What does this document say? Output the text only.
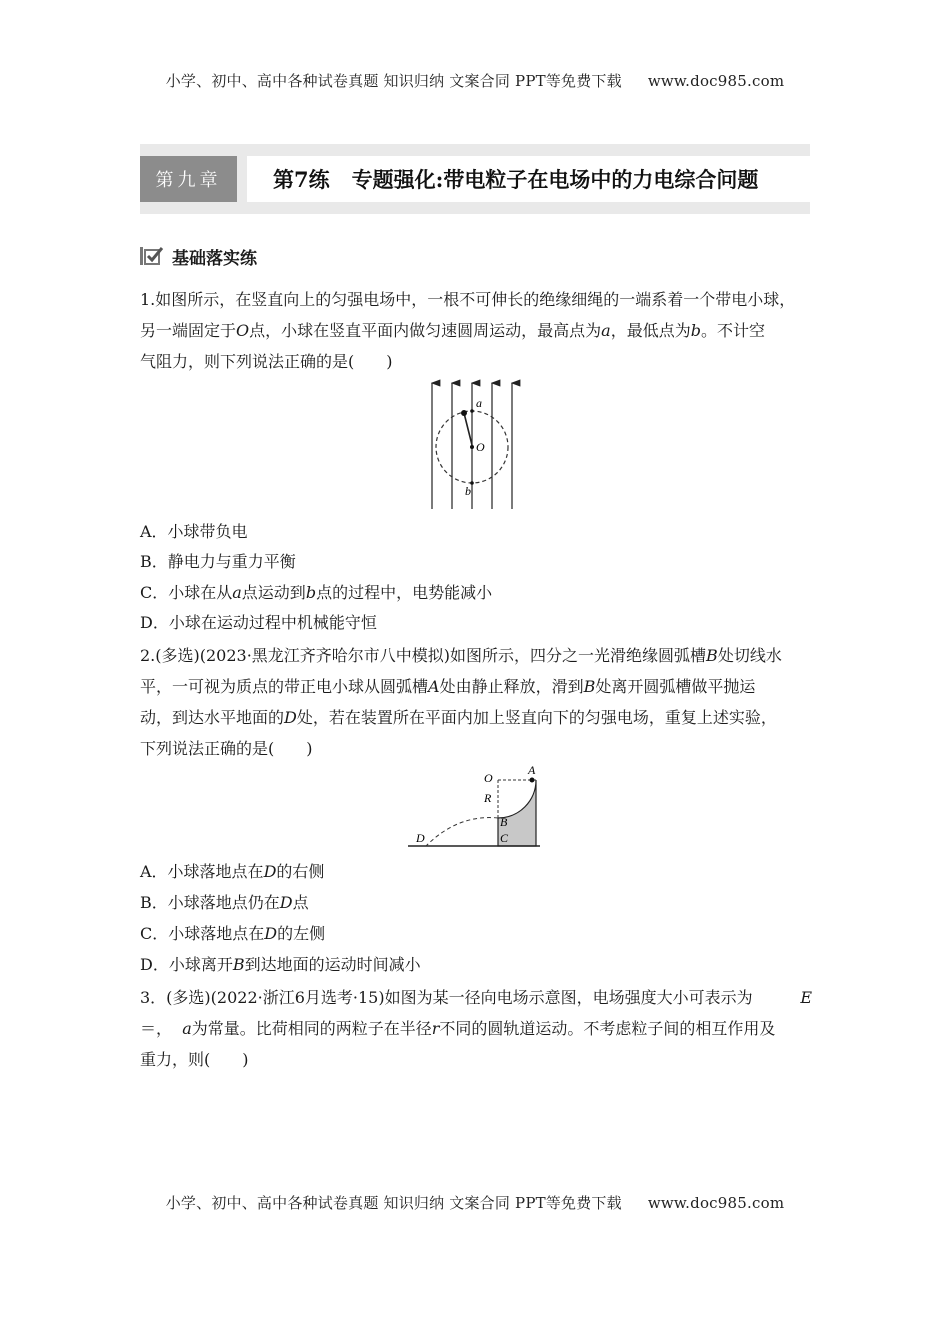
小学、初中、高中各种试卷真题 知识归纳 文案合同 PPT等免费下载 www.doc985.com
第九章	第7练 专题强化:带电粒子在电场中的力电综合问题
基础落实练
1.如图所示，在竖直向上的匀强电场中，一根不可伸长的绝缘细绳的一端系着一个带电小球，
另一端固定于O点，小球在竖直平面内做匀速圆周运动，最高点为a，最低点为b。不计空
气阻力，则下列说法正确的是(　　)
a
O
b
A．小球带负电
B．静电力与重力平衡
C．小球在从a点运动到b点的过程中，电势能减小
D．小球在运动过程中机械能守恒
2.(多选)(2023·黑龙江齐齐哈尔市八中模拟)如图所示，四分之一光滑绝缘圆弧槽B处切线水
平，一可视为质点的带正电小球从圆弧槽A处由静止释放，滑到B处离开圆弧槽做平抛运
动，到达水平地面的D处，若在装置所在平面内加上竖直向下的匀强电场，重复上述实验，
下列说法正确的是(　　)
O
A
R
B
C
D
A．小球落地点在D的右侧
B．小球落地点仍在D点
C．小球落地点在D的左侧
D．小球离开B到达地面的运动时间减小
3．(多选)(2022·浙江6月选考·15)如图为某一径向电场示意图，电场强度大小可表示为	E
＝， a为常量。比荷相同的两粒子在半径r不同的圆轨道运动。不考虑粒子间的相互作用及
重力，则(　　)
小学、初中、高中各种试卷真题 知识归纳 文案合同 PPT等免费下载 www.doc985.com
